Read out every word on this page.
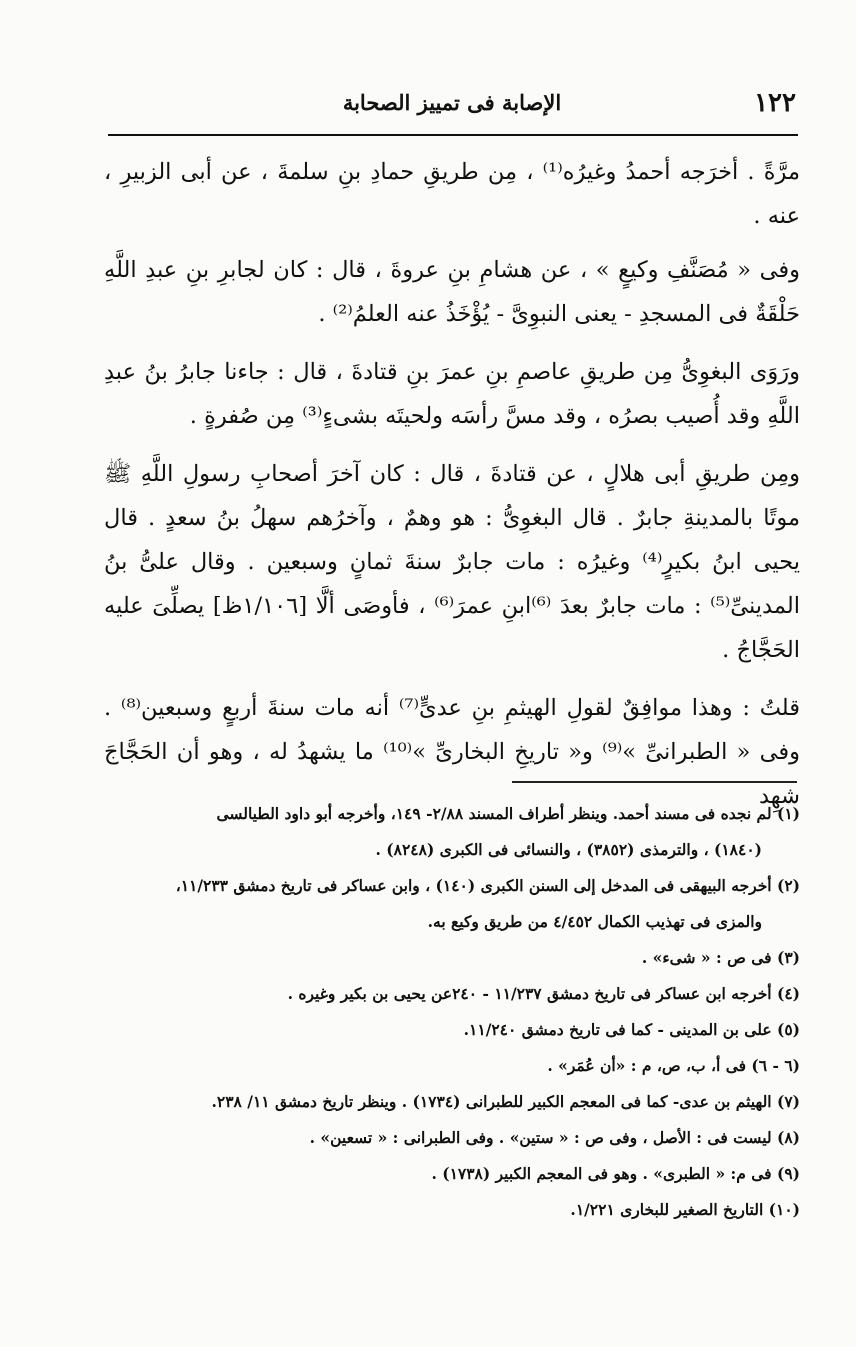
١٢٢
الإصابة فى تمييز الصحابة

مرَّةً . أخرَجه أحمدُ وغيرُه⁽¹⁾ ، مِن طريقِ حمادِ بنِ سلمةَ ، عن أبى الزبيرِ ، عنه .

وفى « مُصَنَّفِ وكيعٍ » ، عن هشامِ بنِ عروةَ ، قال : كان لجابرِ بنِ عبدِ اللَّهِ حَلْقَةٌ فى المسجدِ - يعنى النبوِىَّ - يُؤْخَذُ عنه العلمُ⁽²⁾ .

ورَوَى البغوِىُّ مِن طريقِ عاصمِ بنِ عمرَ بنِ قتادةَ ، قال : جاءنا جابرُ بنُ عبدِ اللَّهِ وقد أُصيب بصرُه ، وقد مسَّ رأسَه ولحيتَه بشىءٍ⁽³⁾ مِن صُفرةٍ .

ومِن طريقِ أبى هلالٍ ، عن قتادةَ ، قال : كان آخرَ أصحابِ رسولِ اللَّهِ ﷺ موتًا بالمدينةِ جابرٌ . قال البغوِىُّ : هو وهمٌ ، وآخرُهم سهلُ بنُ سعدٍ . قال يحيى ابنُ بكيرٍ⁽⁴⁾ وغيرُه : مات جابرٌ سنةَ ثمانٍ وسبعين . وقال علىُّ بنُ المدينىِّ⁽⁵⁾ : مات جابرٌ بعدَ ⁽⁶⁾ابنِ عمرَ⁽⁶⁾ ، فأوصَى ألَّا [١/١٠٦ظ] يصلِّىَ عليه الحَجَّاجُ .

قلتُ : وهذا موافِقٌ لقولِ الهيثمِ بنِ عدىٍّ⁽⁷⁾ أنه مات سنةَ أربعٍ وسبعين⁽⁸⁾ . وفى « الطبرانىِّ »⁽⁹⁾ و« تاريخِ البخارىِّ »⁽¹⁰⁾ ما يشهدُ له ، وهو أن الحَجَّاجَ شهِد

(١) لم نجده فى مسند أحمد. وينظر أطراف المسند ٢/٨٨- ١٤٩، وأخرجه أبو داود الطيالسى

(١٨٤٠) ، والترمذى (٣٨٥٢) ، والنسائى فى الكبرى (٨٢٤٨) .

(٢) أخرجه البيهقى فى المدخل إلى السنن الكبرى (١٤٠) ، وابن عساكر فى تاريخ دمشق ١١/٢٣٣،

والمزى فى تهذيب الكمال ٤/٤٥٢ من طريق وكيع به.

(٣) فى ص : « شىء» .

(٤) أخرجه ابن عساكر فى تاريخ دمشق ١١/٢٣٧ - ٢٤٠عن يحيى بن بكير وغيره .

(٥) على بن المدينى - كما فى تاريخ دمشق ١١/٢٤٠.

(٦ - ٦) فى أ، ب، ص، م : «أن عُمَر» .

(٧) الهيثم بن عدى- كما فى المعجم الكبير للطبرانى (١٧٣٤) . وينظر تاريخ دمشق ١١/ ٢٣٨.

(٨) ليست فى : الأصل ، وفى ص : « ستين» . وفى الطبرانى : « تسعين» .

(٩) فى م: « الطبرى» . وهو فى المعجم الكبير (١٧٣٨) .

(١٠) التاريخ الصغير للبخارى ١/٢٢١.
